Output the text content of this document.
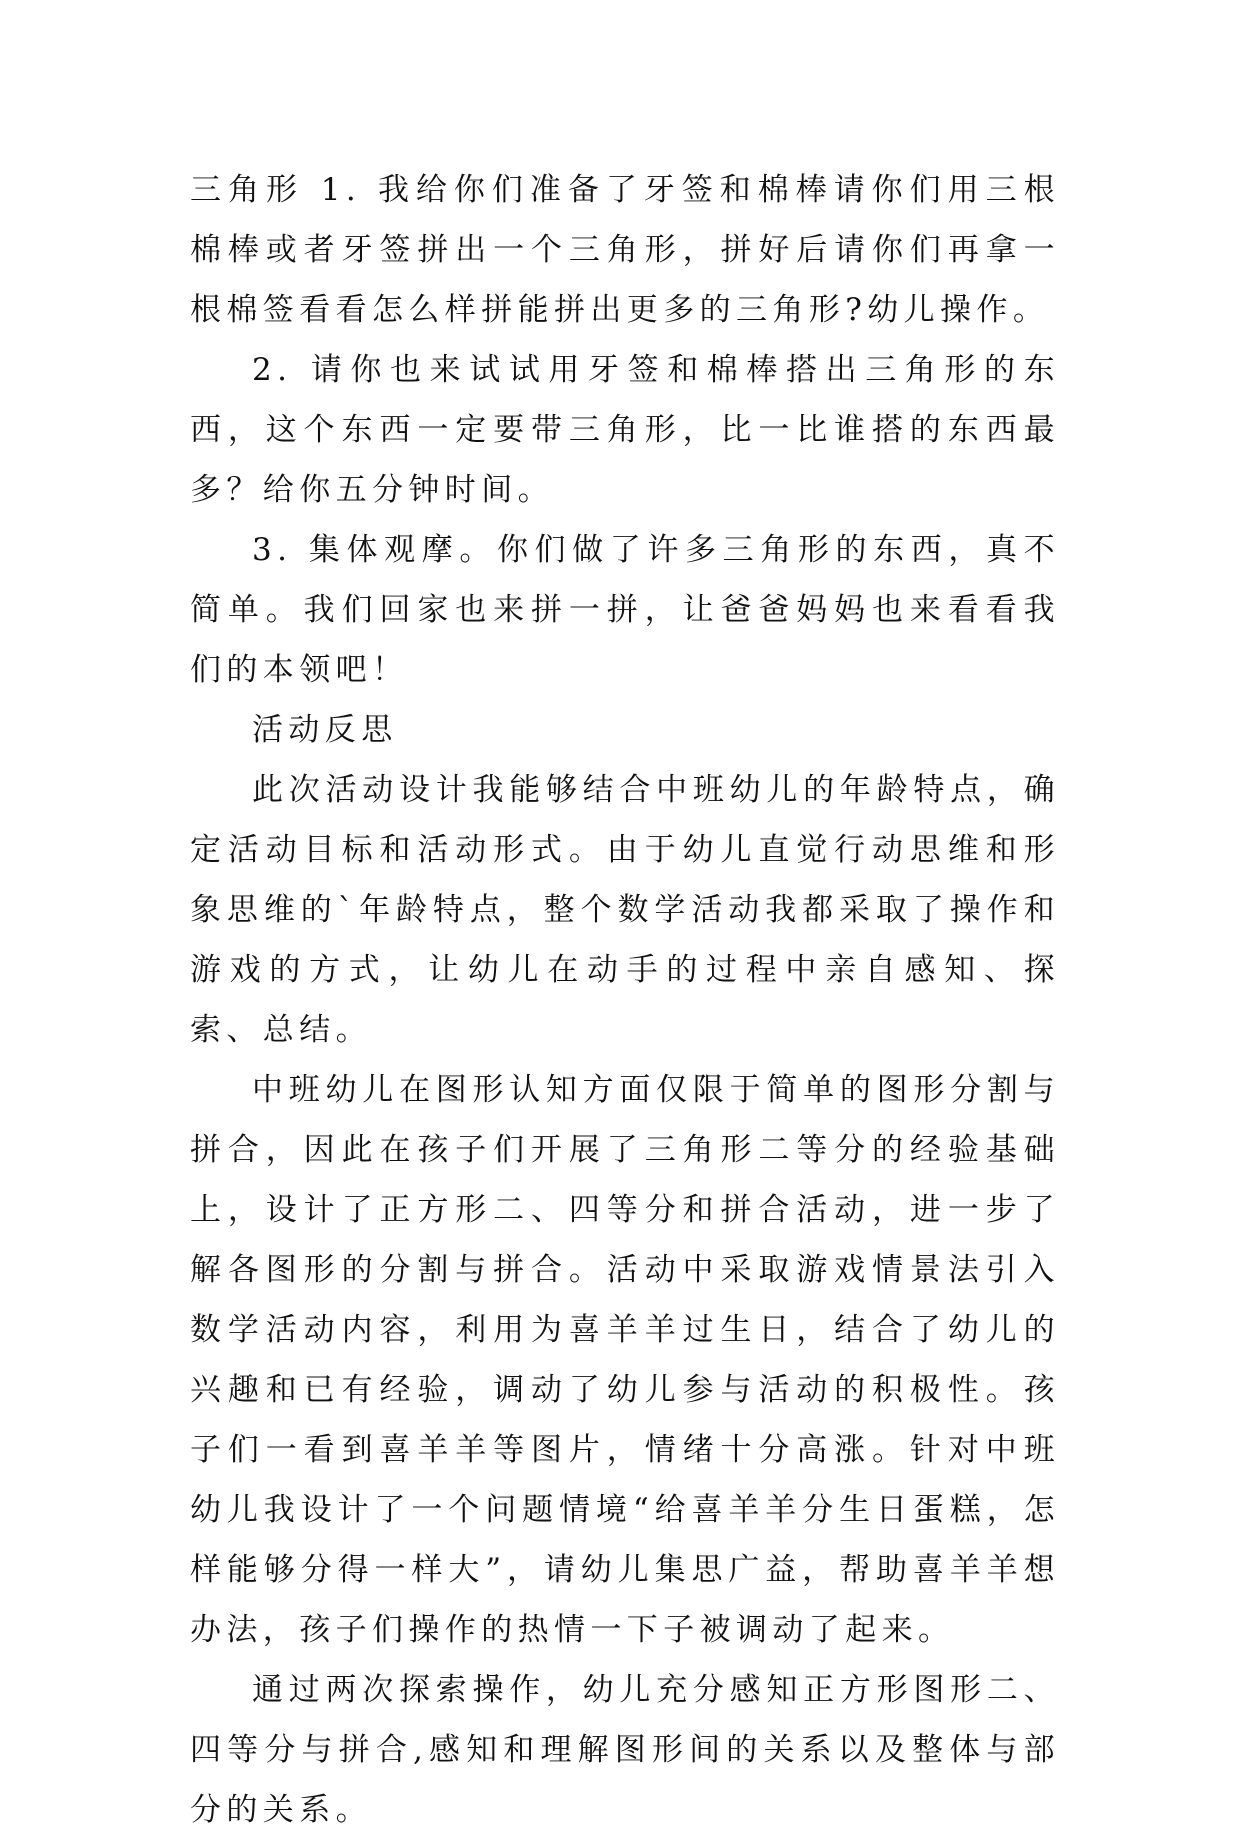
三角形 1. 我给你们准备了牙签和棉棒请你们用三根棉棒或者牙签拼出一个三角形，拼好后请你们再拿一根棉签看看怎么样拼能拼出更多的三角形?幼儿操作。

2. 请你也来试试用牙签和棉棒搭出三角形的东西，这个东西一定要带三角形，比一比谁搭的东西最多？给你五分钟时间。

3. 集体观摩。你们做了许多三角形的东西，真不简单。我们回家也来拼一拼，让爸爸妈妈也来看看我们的本领吧！

活动反思

此次活动设计我能够结合中班幼儿的年龄特点，确定活动目标和活动形式。由于幼儿直觉行动思维和形象思维的`年龄特点，整个数学活动我都采取了操作和游戏的方式，让幼儿在动手的过程中亲自感知、探索、总结。

中班幼儿在图形认知方面仅限于简单的图形分割与拼合，因此在孩子们开展了三角形二等分的经验基础上，设计了正方形二、四等分和拼合活动，进一步了解各图形的分割与拼合。活动中采取游戏情景法引入数学活动内容，利用为喜羊羊过生日，结合了幼儿的兴趣和已有经验，调动了幼儿参与活动的积极性。孩子们一看到喜羊羊等图片，情绪十分高涨。针对中班幼儿我设计了一个问题情境“给喜羊羊分生日蛋糕，怎样能够分得一样大”，请幼儿集思广益，帮助喜羊羊想办法，孩子们操作的热情一下子被调动了起来。

通过两次探索操作，幼儿充分感知正方形图形二、四等分与拼合,感知和理解图形间的关系以及整体与部分的关系。
